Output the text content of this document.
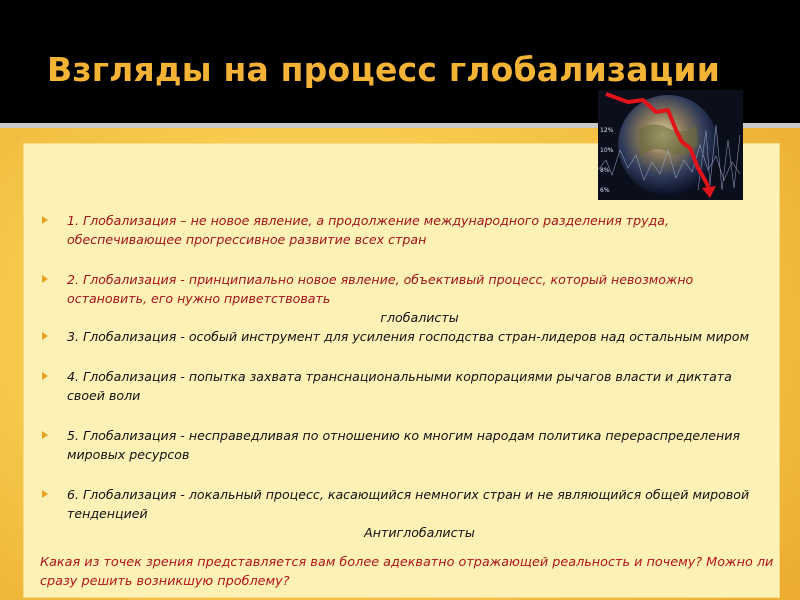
Взгляды на процесс глобализации
12%
10%
8%
6%
1. Глобализация – не новое явление, а продолжение международного разделения труда, обеспечивающее прогрессивное развитие всех стран
2. Глобализация - принципиально новое явление, объективый процесс, который невозможно остановить, его нужно приветствовать
глобалисты
3. Глобализация - особый инструмент для усиления господства стран-лидеров над остальным миром
4. Глобализация - попытка захвата транснациональными корпорациями рычагов власти и диктата своей воли
5. Глобализация - несправедливая по отношению ко многим народам политика перераспределения мировых ресурсов
6. Глобализация - локальный процесс, касающийся немногих стран и не являющийся общей мировой тенденцией
Антиглобалисты
Какая из точек зрения представляется вам более адекватно отражающей реальность и почему? Можно ли сразу решить возникшую проблему?
